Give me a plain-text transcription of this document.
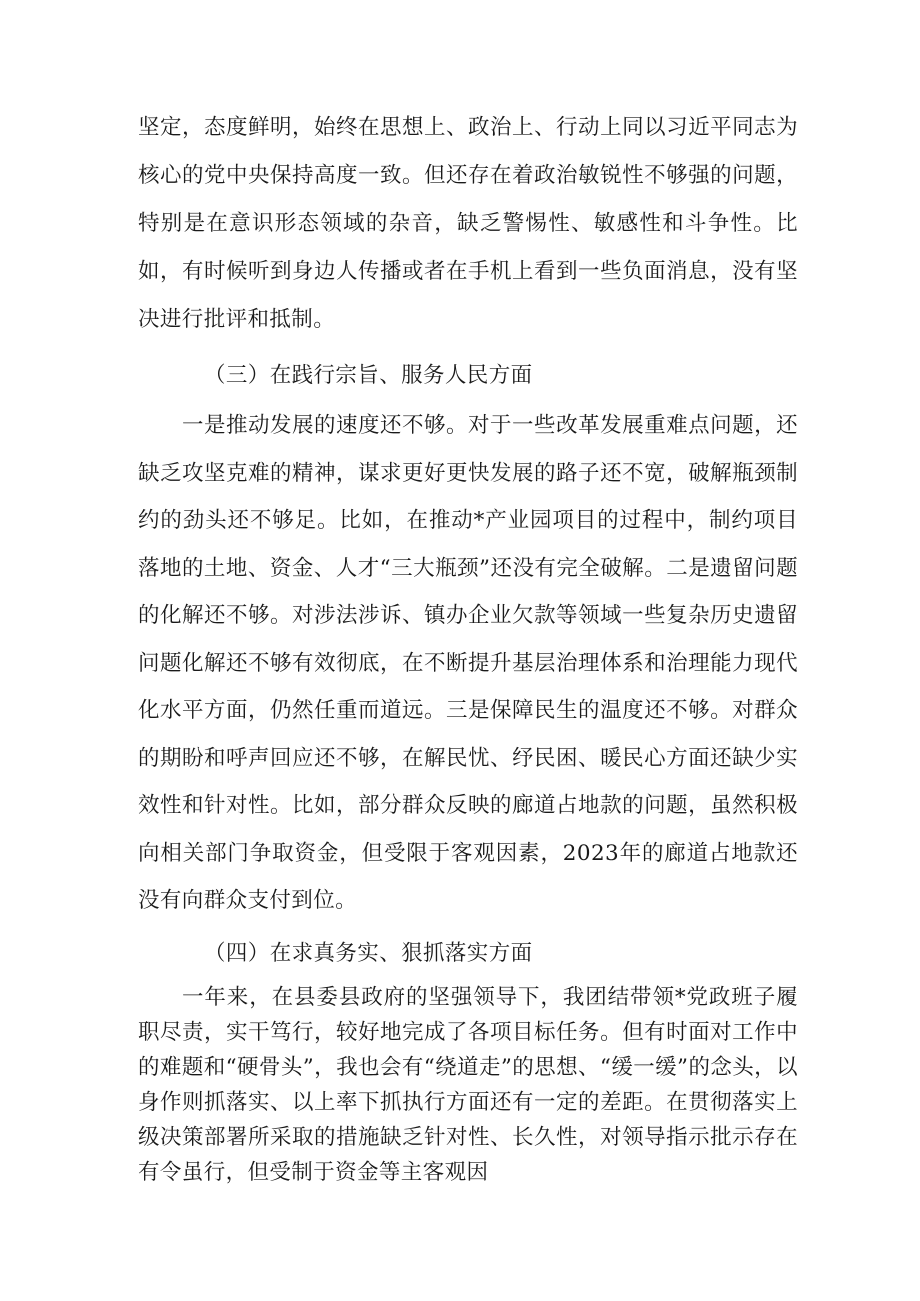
坚定，态度鲜明，始终在思想上、政治上、行动上同以习近平同志为核心的党中央保持高度一致。但还存在着政治敏锐性不够强的问题，特别是在意识形态领域的杂音，缺乏警惕性、敏感性和斗争性。比如，有时候听到身边人传播或者在手机上看到一些负面消息，没有坚决进行批评和抵制。

（三）在践行宗旨、服务人民方面

一是推动发展的速度还不够。对于一些改革发展重难点问题，还缺乏攻坚克难的精神，谋求更好更快发展的路子还不宽，破解瓶颈制约的劲头还不够足。比如，在推动*产业园项目的过程中，制约项目落地的土地、资金、人才“三大瓶颈”还没有完全破解。二是遗留问题的化解还不够。对涉法涉诉、镇办企业欠款等领域一些复杂历史遗留问题化解还不够有效彻底，在不断提升基层治理体系和治理能力现代化水平方面，仍然任重而道远。三是保障民生的温度还不够。对群众的期盼和呼声回应还不够，在解民忧、纾民困、暖民心方面还缺少实效性和针对性。比如，部分群众反映的廊道占地款的问题，虽然积极向相关部门争取资金，但受限于客观因素，2023年的廊道占地款还没有向群众支付到位。

（四）在求真务实、狠抓落实方面

一年来，在县委县政府的坚强领导下，我团结带领*党政班子履职尽责，实干笃行，较好地完成了各项目标任务。但有时面对工作中的难题和“硬骨头”，我也会有“绕道走”的思想、“缓一缓”的念头，以身作则抓落实、以上率下抓执行方面还有一定的差距。在贯彻落实上级决策部署所采取的措施缺乏针对性、长久性，对领导指示批示存在有令虽行，但受制于资金等主客观因
